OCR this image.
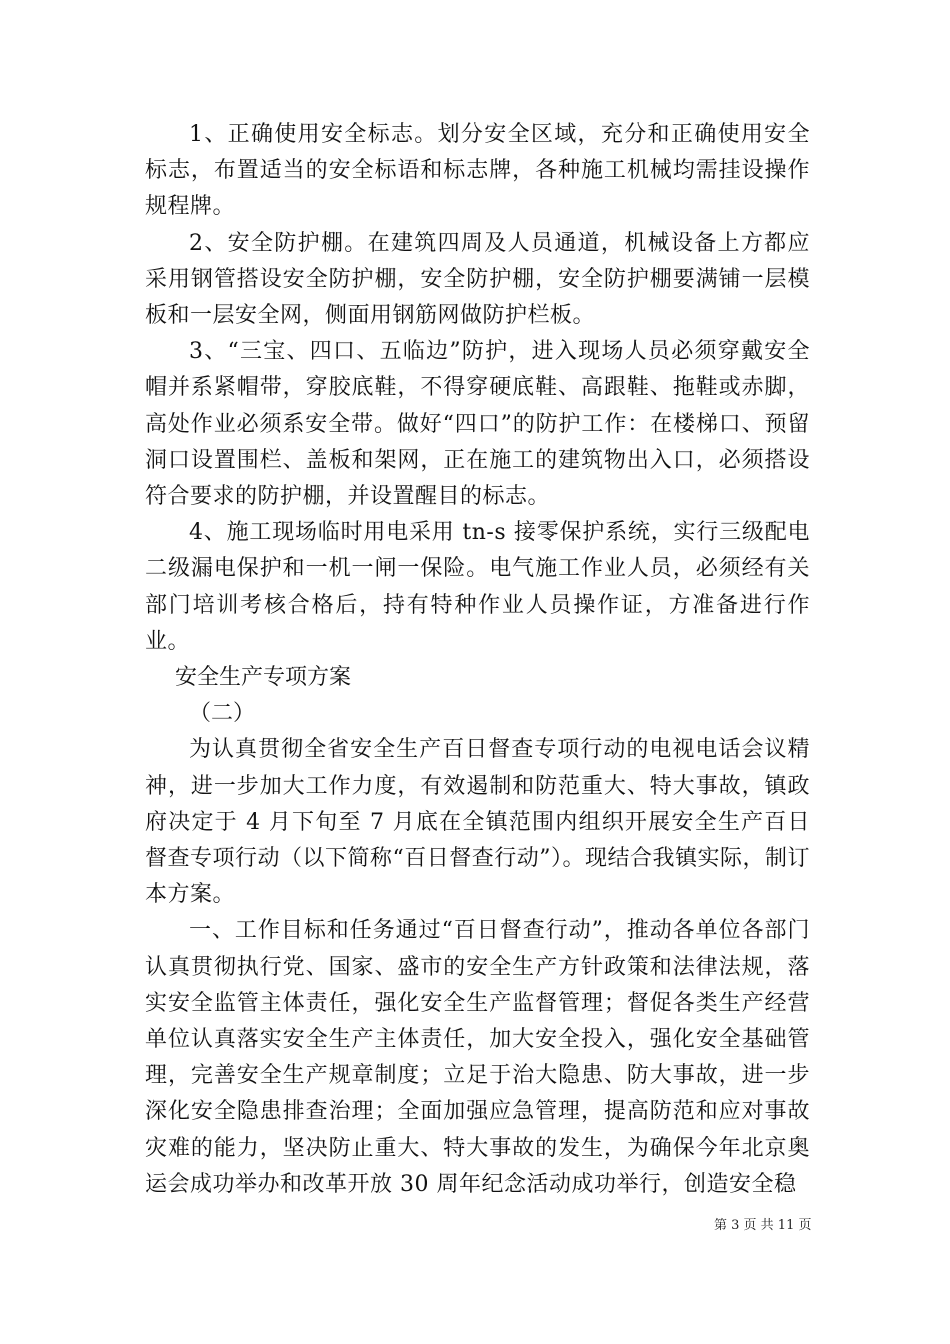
1、正确使用安全标志。划分安全区域，充分和正确使用安全标志，布置适当的安全标语和标志牌，各种施工机械均需挂设操作规程牌。

2、安全防护棚。在建筑四周及人员通道，机械设备上方都应采用钢管搭设安全防护棚，安全防护棚，安全防护棚要满铺一层模板和一层安全网，侧面用钢筋网做防护栏板。

3、“三宝、四口、五临边”防护，进入现场人员必须穿戴安全帽并系紧帽带，穿胶底鞋，不得穿硬底鞋、高跟鞋、拖鞋或赤脚，高处作业必须系安全带。做好“四口”的防护工作：在楼梯口、预留洞口设置围栏、盖板和架网，正在施工的建筑物出入口，必须搭设符合要求的防护棚，并设置醒目的标志。

4、施工现场临时用电采用 tn-s 接零保护系统，实行三级配电二级漏电保护和一机一闸一保险。电气施工作业人员，必须经有关部门培训考核合格后，持有特种作业人员操作证，方准备进行作业。

安全生产专项方案

（二）

为认真贯彻全省安全生产百日督查专项行动的电视电话会议精神，进一步加大工作力度，有效遏制和防范重大、特大事故，镇政府决定于 4 月下旬至 7 月底在全镇范围内组织开展安全生产百日督查专项行动（以下简称“百日督查行动”）。现结合我镇实际，制订本方案。

一、工作目标和任务通过“百日督查行动”，推动各单位各部门认真贯彻执行党、国家、盛市的安全生产方针政策和法律法规，落实安全监管主体责任，强化安全生产监督管理；督促各类生产经营单位认真落实安全生产主体责任，加大安全投入，强化安全基础管理，完善安全生产规章制度；立足于治大隐患、防大事故，进一步深化安全隐患排查治理；全面加强应急管理，提高防范和应对事故灾难的能力，坚决防止重大、特大事故的发生，为确保今年北京奥运会成功举办和改革开放 30 周年纪念活动成功举行，创造安全稳

第 3 页 共 11 页
